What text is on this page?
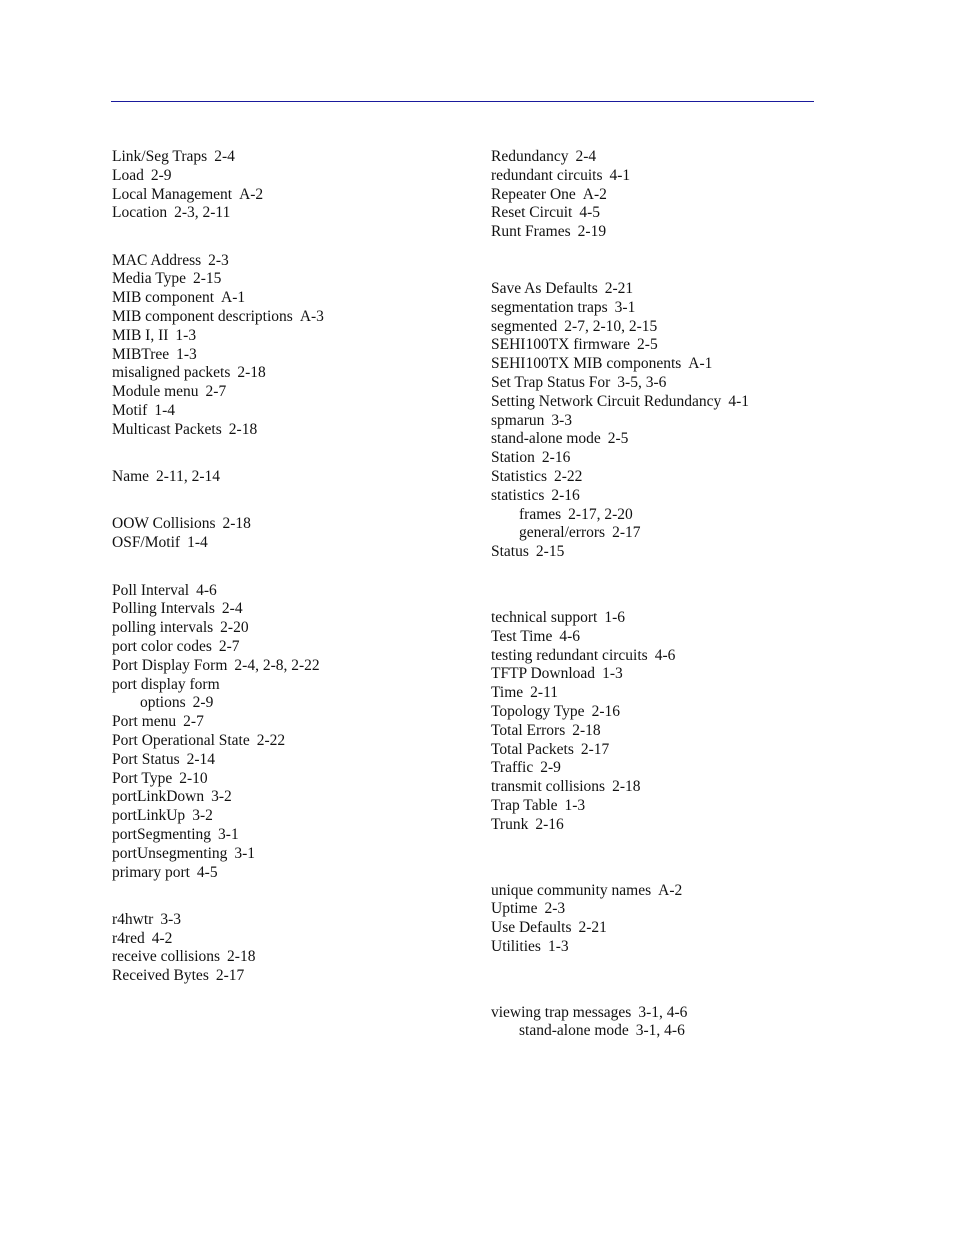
Link/Seg Traps 2-4
Load 2-9
Local Management A-2
Location 2-3, 2-11
MAC Address 2-3
Media Type 2-15
MIB component A-1
MIB component descriptions A-3
MIB I, II 1-3
MIBTree 1-3
misaligned packets 2-18
Module menu 2-7
Motif 1-4
Multicast Packets 2-18
Name 2-11, 2-14
OOW Collisions 2-18
OSF/Motif 1-4
Poll Interval 4-6
Polling Intervals 2-4
polling intervals 2-20
port color codes 2-7
Port Display Form 2-4, 2-8, 2-22
port display form
options 2-9
Port menu 2-7
Port Operational State 2-22
Port Status 2-14
Port Type 2-10
portLinkDown 3-2
portLinkUp 3-2
portSegmenting 3-1
portUnsegmenting 3-1
primary port 4-5
r4hwtr 3-3
r4red 4-2
receive collisions 2-18
Received Bytes 2-17
Redundancy 2-4
redundant circuits 4-1
Repeater One A-2
Reset Circuit 4-5
Runt Frames 2-19
Save As Defaults 2-21
segmentation traps 3-1
segmented 2-7, 2-10, 2-15
SEHI100TX firmware 2-5
SEHI100TX MIB components A-1
Set Trap Status For 3-5, 3-6
Setting Network Circuit Redundancy 4-1
spmarun 3-3
stand-alone mode 2-5
Station 2-16
Statistics 2-22
statistics 2-16
frames 2-17, 2-20
general/errors 2-17
Status 2-15
technical support 1-6
Test Time 4-6
testing redundant circuits 4-6
TFTP Download 1-3
Time 2-11
Topology Type 2-16
Total Errors 2-18
Total Packets 2-17
Traffic 2-9
transmit collisions 2-18
Trap Table 1-3
Trunk 2-16
unique community names A-2
Uptime 2-3
Use Defaults 2-21
Utilities 1-3
viewing trap messages 3-1, 4-6
stand-alone mode 3-1, 4-6
